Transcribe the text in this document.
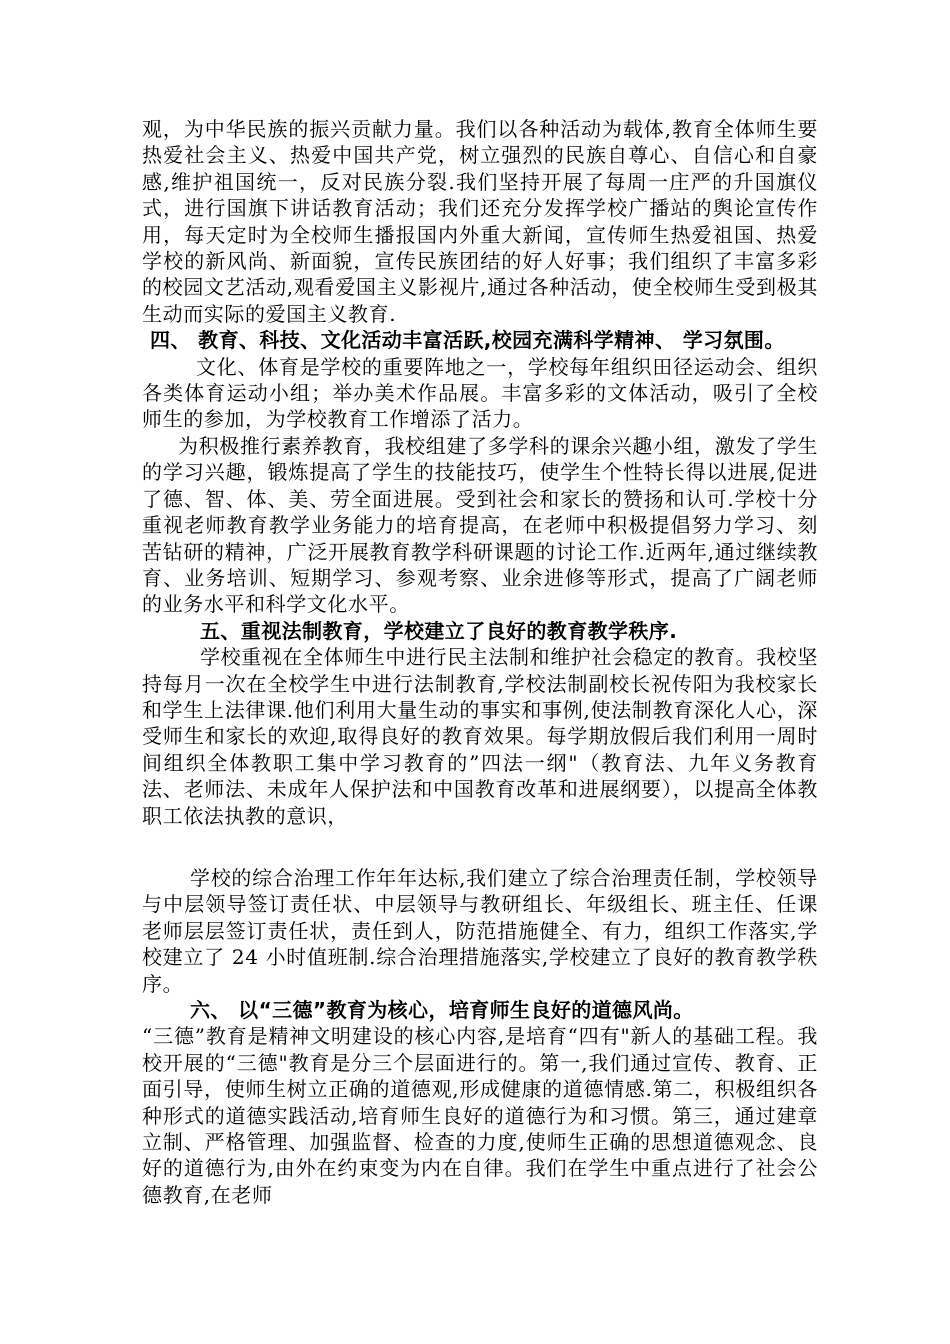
观，为中华民族的振兴贡献力量。我们以各种活动为载体,教育全体师生要热爱社会主义、热爱中国共产党，树立强烈的民族自尊心、自信心和自豪感,维护祖国统一，反对民族分裂.我们坚持开展了每周一庄严的升国旗仪式，进行国旗下讲话教育活动；我们还充分发挥学校广播站的舆论宣传作用，每天定时为全校师生播报国内外重大新闻，宣传师生热爱祖国、热爱学校的新风尚、新面貌，宣传民族团结的好人好事；我们组织了丰富多彩的校园文艺活动,观看爱国主义影视片,通过各种活动，使全校师生受到极其生动而实际的爱国主义教育.

四、 教育、科技、文化活动丰富活跃,校园充满科学精神、 学习氛围。

文化、体育是学校的重要阵地之一，学校每年组织田径运动会、组织各类体育运动小组；举办美术作品展。丰富多彩的文体活动，吸引了全校师生的参加，为学校教育工作增添了活力。

为积极推行素养教育，我校组建了多学科的课余兴趣小组，激发了学生的学习兴趣，锻炼提高了学生的技能技巧，使学生个性特长得以进展,促进了德、智、体、美、劳全面进展。受到社会和家长的赞扬和认可.学校十分重视老师教育教学业务能力的培育提高，在老师中积极提倡努力学习、刻苦钻研的精神，广泛开展教育教学科研课题的讨论工作.近两年,通过继续教育、业务培训、短期学习、参观考察、业余进修等形式，提高了广阔老师的业务水平和科学文化水平。

五、重视法制教育，学校建立了良好的教育教学秩序.

学校重视在全体师生中进行民主法制和维护社会稳定的教育。我校坚持每月一次在全校学生中进行法制教育,学校法制副校长祝传阳为我校家长和学生上法律课.他们利用大量生动的事实和事例,使法制教育深化人心，深受师生和家长的欢迎,取得良好的教育效果。每学期放假后我们利用一周时间组织全体教职工集中学习教育的”四法一纲"（教育法、九年义务教育法、老师法、未成年人保护法和中国教育改革和进展纲要），以提高全体教职工依法执教的意识，

学校的综合治理工作年年达标,我们建立了综合治理责任制，学校领导与中层领导签订责任状、中层领导与教研组长、年级组长、班主任、任课老师层层签订责任状，责任到人，防范措施健全、有力，组织工作落实,学校建立了 24 小时值班制.综合治理措施落实,学校建立了良好的教育教学秩序。

六、 以“三德”教育为核心，培育师生良好的道德风尚。

“三德”教育是精神文明建设的核心内容,是培育“四有"新人的基础工程。我校开展的“三德"教育是分三个层面进行的。第一,我们通过宣传、教育、正面引导，使师生树立正确的道德观,形成健康的道德情感.第二，积极组织各种形式的道德实践活动,培育师生良好的道德行为和习惯。第三，通过建章立制、严格管理、加强监督、检查的力度,使师生正确的思想道德观念、良好的道德行为,由外在约束变为内在自律。我们在学生中重点进行了社会公德教育,在老师
